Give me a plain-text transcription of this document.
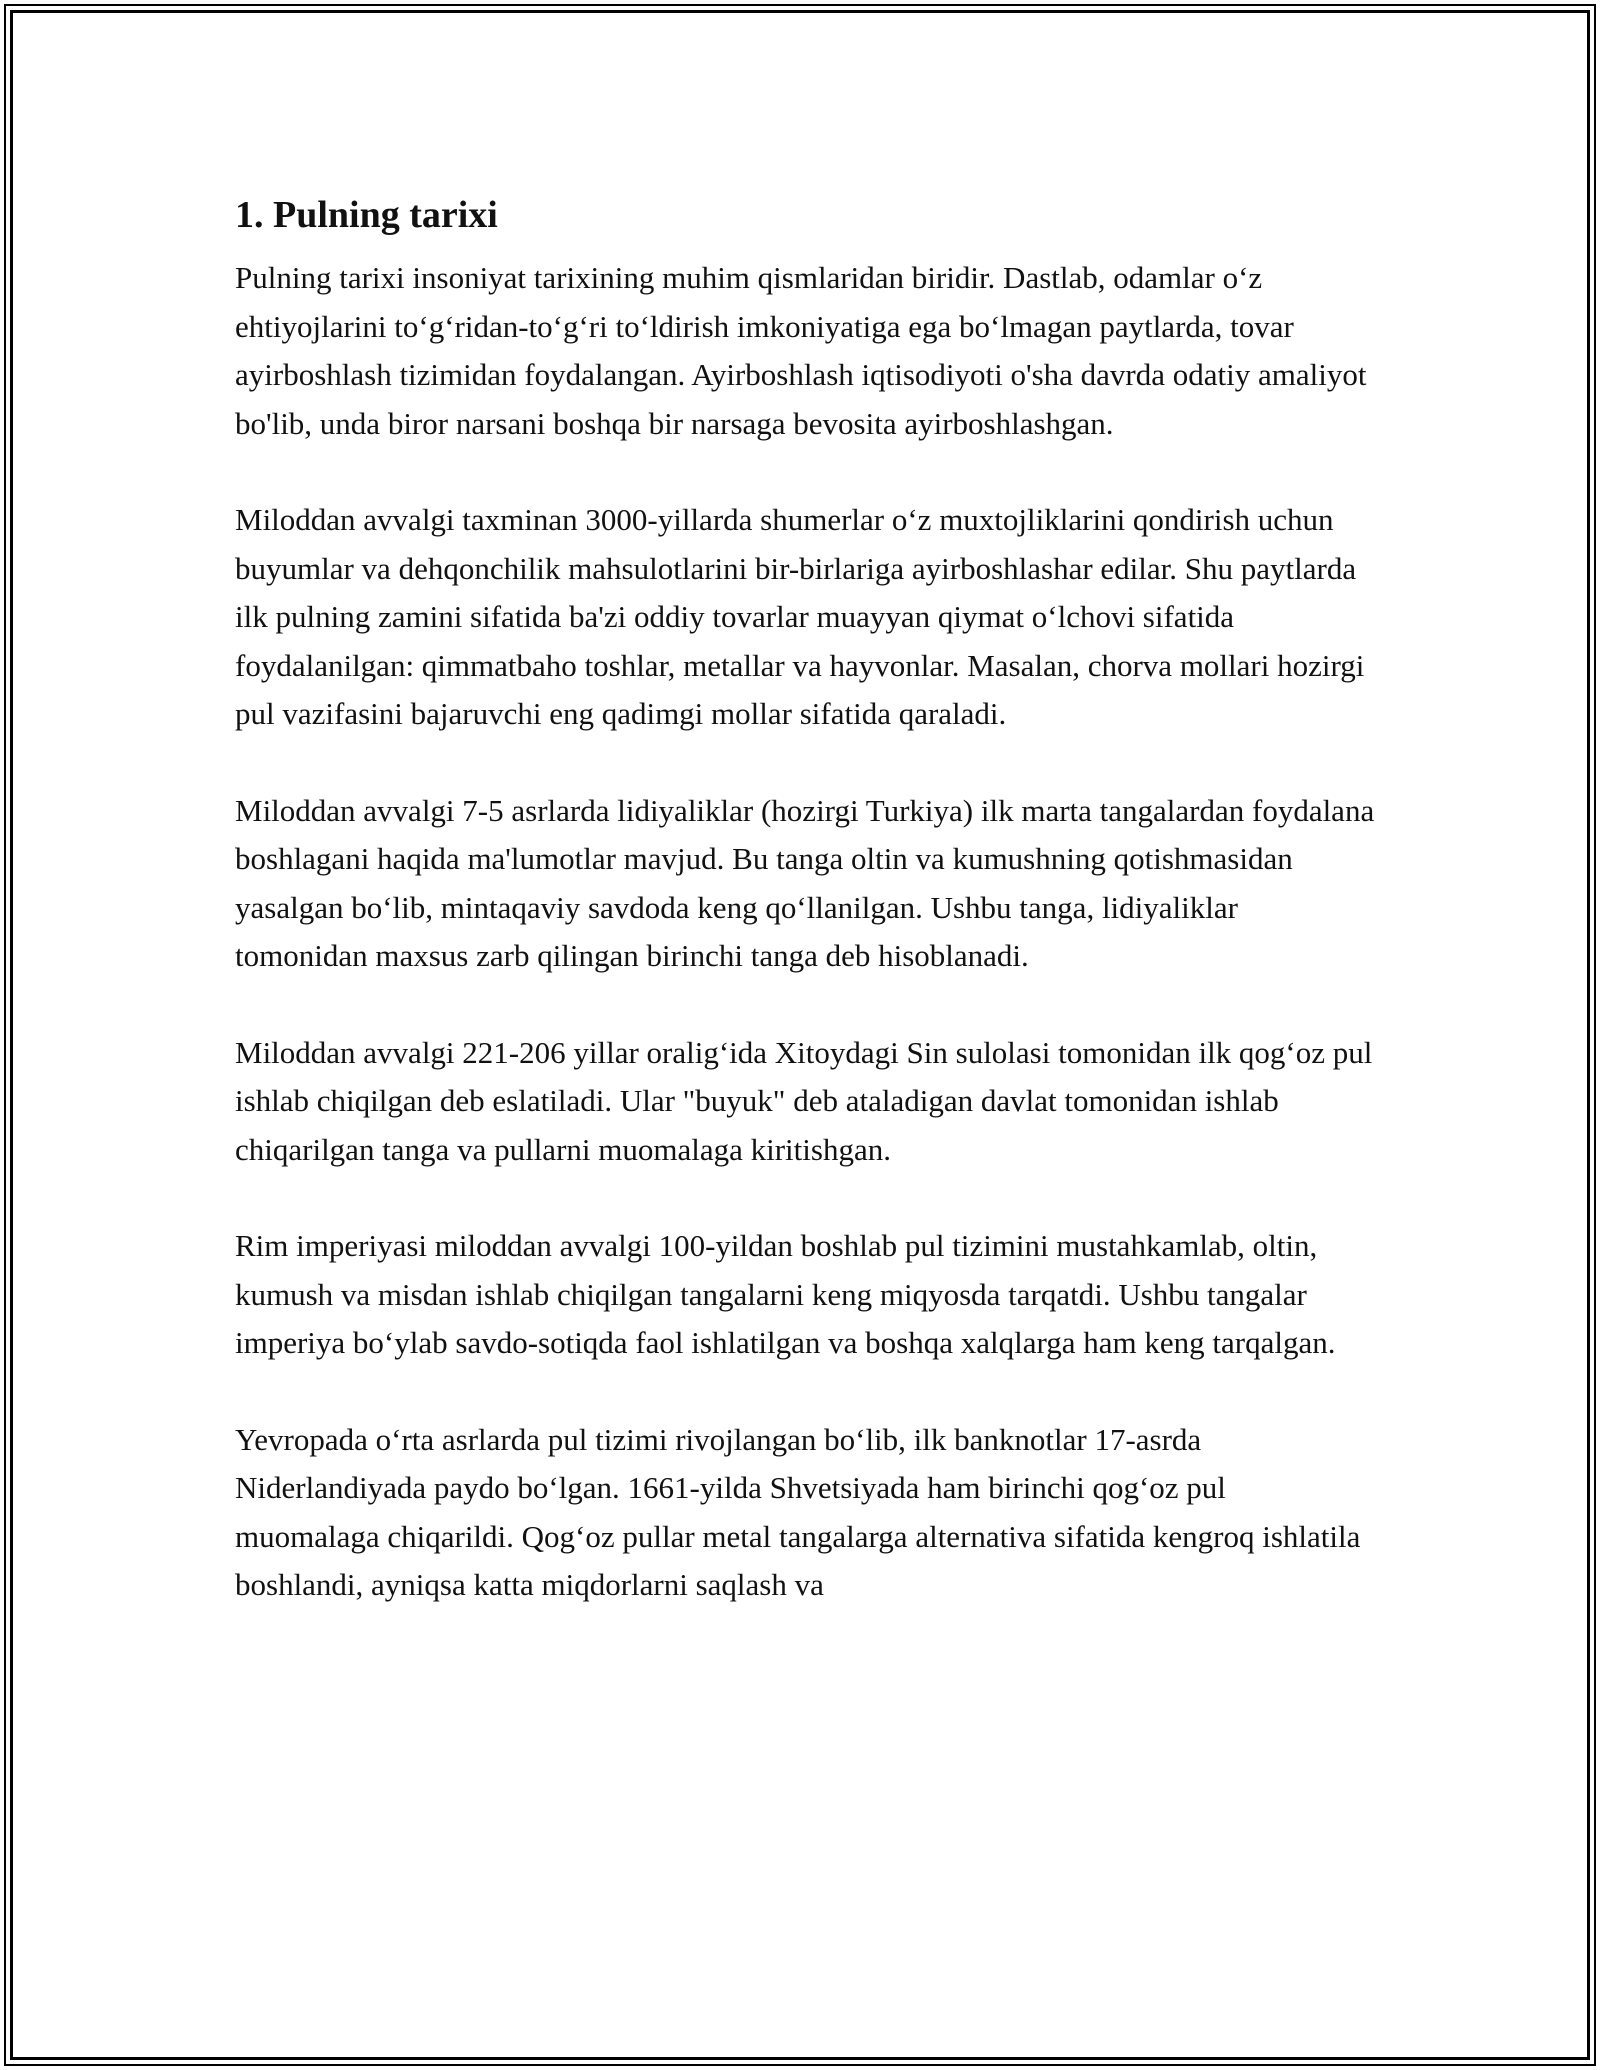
1. Pulning tarixi

Pulning tarixi insoniyat tarixining muhim qismlaridan biridir. Dastlab, odamlar o‘z ehtiyojlarini to‘g‘ridan-to‘g‘ri to‘ldirish imkoniyatiga ega bo‘lmagan paytlarda, tovar ayirboshlash tizimidan foydalangan. Ayirboshlash iqtisodiyoti o'sha davrda odatiy amaliyot bo'lib, unda biror narsani boshqa bir narsaga bevosita ayirboshlashgan.

Miloddan avvalgi taxminan 3000-yillarda shumerlar o‘z muxtojliklarini qondirish uchun buyumlar va dehqonchilik mahsulotlarini bir-birlariga ayirboshlashar edilar. Shu paytlarda ilk pulning zamini sifatida ba'zi oddiy tovarlar muayyan qiymat o‘lchovi sifatida foydalanilgan: qimmatbaho toshlar, metallar va hayvonlar. Masalan, chorva mollari hozirgi pul vazifasini bajaruvchi eng qadimgi mollar sifatida qaraladi.

Miloddan avvalgi 7-5 asrlarda lidiyaliklar (hozirgi Turkiya) ilk marta tangalardan foydalana boshlagani haqida ma'lumotlar mavjud. Bu tanga oltin va kumushning qotishmasidan yasalgan bo‘lib, mintaqaviy savdoda keng qo‘llanilgan. Ushbu tanga, lidiyaliklar tomonidan maxsus zarb qilingan birinchi tanga deb hisoblanadi.

Miloddan avvalgi 221-206 yillar oralig‘ida Xitoydagi Sin sulolasi tomonidan ilk qog‘oz pul ishlab chiqilgan deb eslatiladi. Ular "buyuk" deb ataladigan davlat tomonidan ishlab chiqarilgan tanga va pullarni muomalaga kiritishgan.

Rim imperiyasi miloddan avvalgi 100-yildan boshlab pul tizimini mustahkamlab, oltin, kumush va misdan ishlab chiqilgan tangalarni keng miqyosda tarqatdi. Ushbu tangalar imperiya bo‘ylab savdo-sotiqda faol ishlatilgan va boshqa xalqlarga ham keng tarqalgan.

Yevropada o‘rta asrlarda pul tizimi rivojlangan bo‘lib, ilk banknotlar 17-asrda Niderlandiyada paydo bo‘lgan. 1661-yilda Shvetsiyada ham birinchi qog‘oz pul muomalaga chiqarildi. Qog‘oz pullar metal tangalarga alternativa sifatida kengroq ishlatila boshlandi, ayniqsa katta miqdorlarni saqlash va
